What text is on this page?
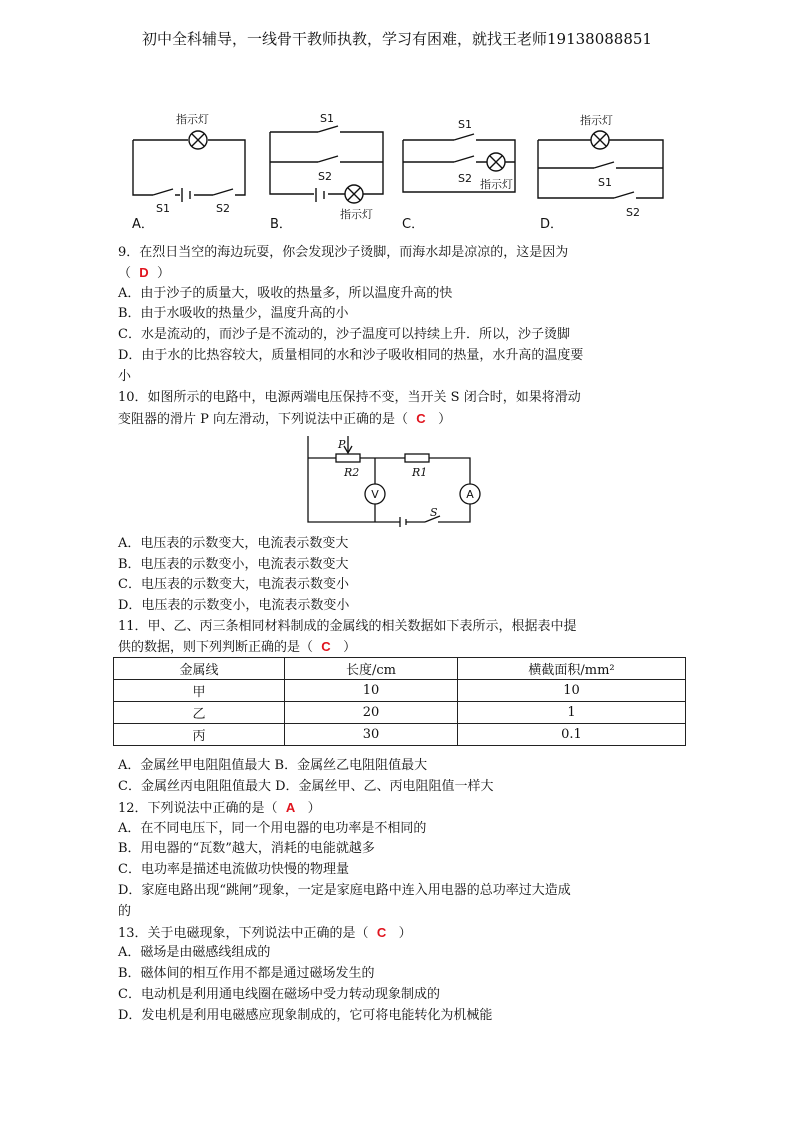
初中全科辅导，一线骨干教师执教，学习有困难，就找王老师19138088851
指示灯
S1	S2
A．
S1
S2
指示灯
B．
S1
S2 指示灯
C．
指示灯
S1
S2
D．
9．在烈日当空的海边玩耍，你会发现沙子烫脚，而海水却是凉凉的，这是因为
（ D ）
A．由于沙子的质量大，吸收的热量多，所以温度升高的快
B．由于水吸收的热量少，温度升高的小
C．水是流动的，而沙子是不流动的，沙子温度可以持续上升．所以，沙子烫脚
D．由于水的比热容较大，质量相同的水和沙子吸收相同的热量，水升高的温度要
小
10．如图所示的电路中，电源两端电压保持不变，当开关 S 闭合时，如果将滑动
变阻器的滑片 P 向左滑动，下列说法中正确的是（ C ）
P
R2	R1
S
V	A
A．电压表的示数变大，电流表示数变大
B．电压表的示数变小，电流表示数变大
C．电压表的示数变大，电流表示数变小
D．电压表的示数变小，电流表示数变小
11．甲、乙、丙三条相同材料制成的金属线的相关数据如下表所示，根据表中提
供的数据，则下列判断正确的是（ C ）
金属线	长度/cm	横截面积/mm²
甲	10	10
乙	20	1
丙	30	0.1
A．金属丝甲电阻阻值最大 B．金属丝乙电阻阻值最大
C．金属丝丙电阻阻值最大 D．金属丝甲、乙、丙电阻阻值一样大
12．下列说法中正确的是（ A ）
A．在不同电压下，同一个用电器的电功率是不相同的
B．用电器的“瓦数”越大，消耗的电能就越多
C．电功率是描述电流做功快慢的物理量
D．家庭电路出现“跳闸”现象，一定是家庭电路中连入用电器的总功率过大造成
的
13．关于电磁现象，下列说法中正确的是（ C ）
A．磁场是由磁感线组成的
B．磁体间的相互作用不都是通过磁场发生的
C．电动机是利用通电线圈在磁场中受力转动现象制成的
D．发电机是利用电磁感应现象制成的，它可将电能转化为机械能
